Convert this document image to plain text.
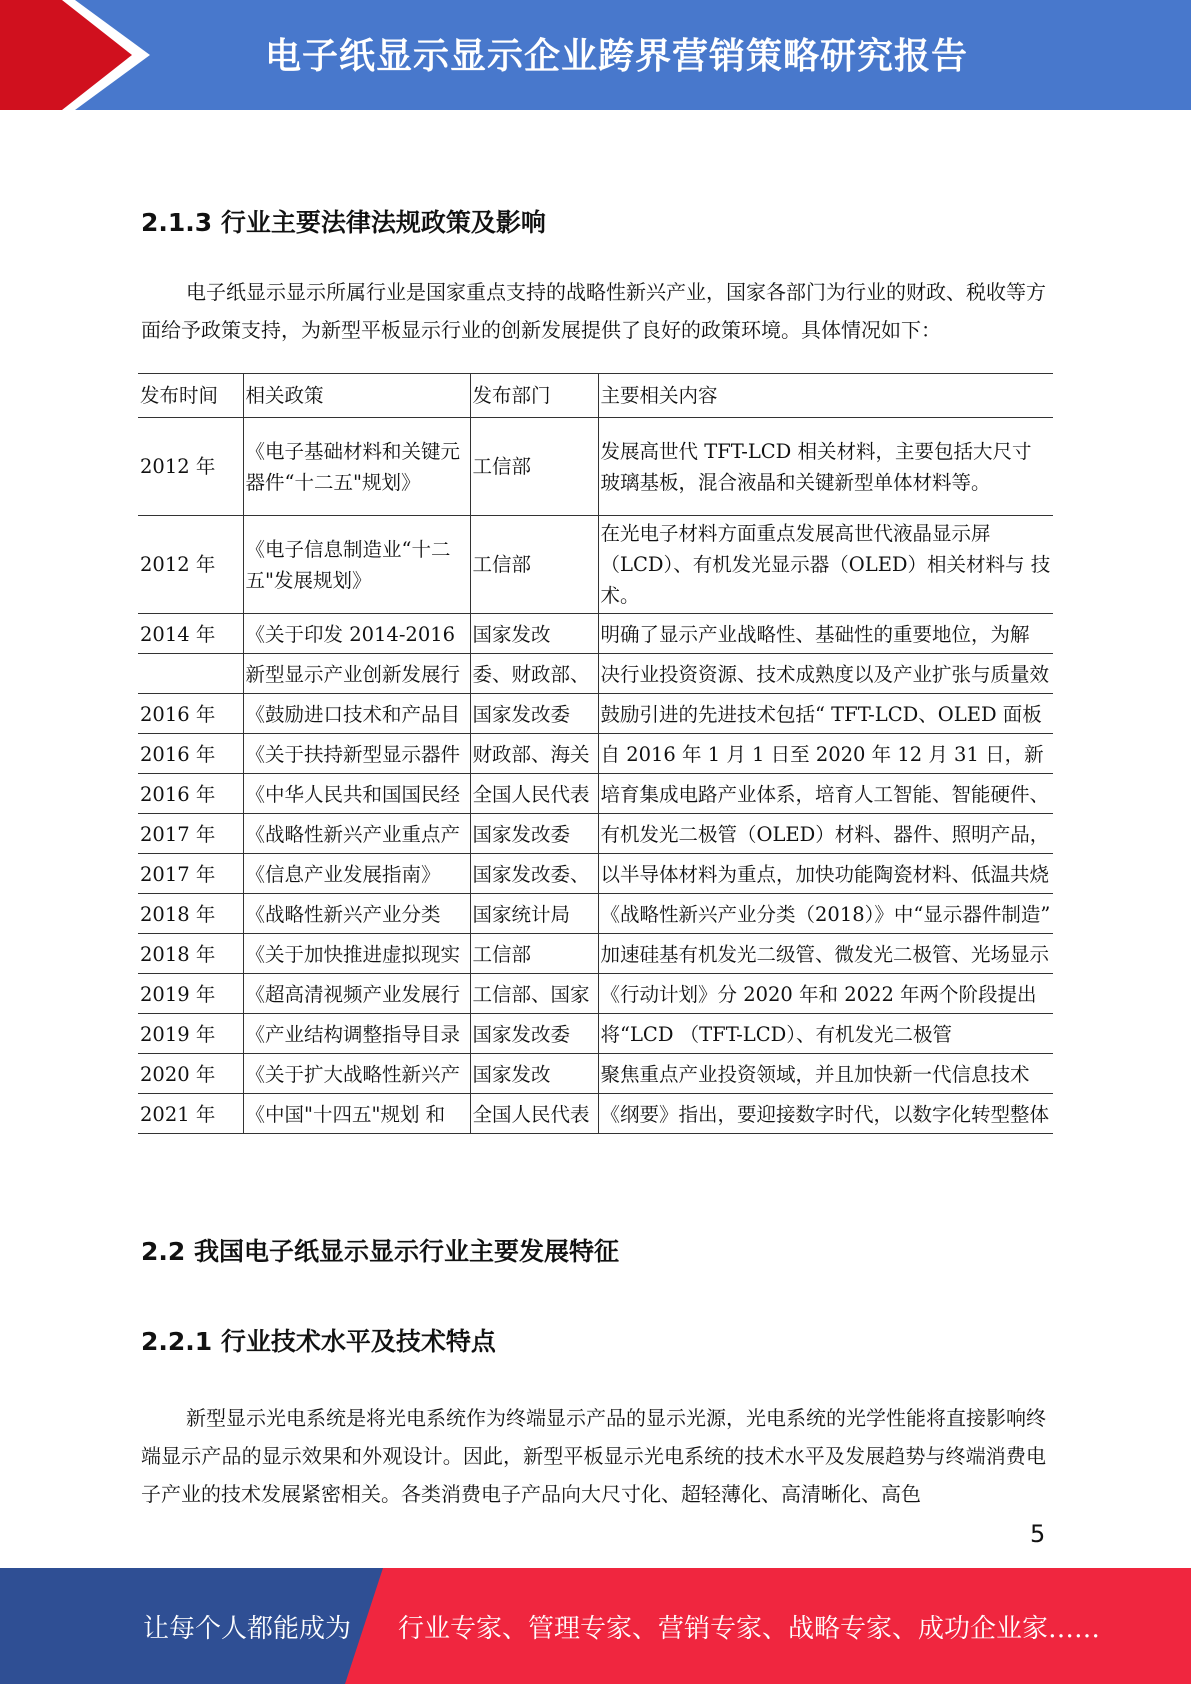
电子纸显示显示企业跨界营销策略研究报告
2.1.3 行业主要法律法规政策及影响

电子纸显示显示所属行业是国家重点支持的战略性新兴产业，国家各部门为行业的财政、税收等方面给予政策支持，为新型平板显示行业的创新发展提供了良好的政策环境。具体情况如下：

发布时间	相关政策	发布部门	主要相关内容
2012 年	《电子基础材料和关键元器件“十二五"规划》	工信部	发展高世代 TFT-LCD 相关材料，主要包括大尺寸玻璃基板，混合液晶和关键新型单体材料等。
2012 年	《电子信息制造业“十二五"发展规划》	工信部	在光电子材料方面重点发展高世代液晶显示屏（LCD）、有机发光显示器（OLED）相关材料与 技术。

2014 年	《关于印发 2014-2016	国家发改	明确了显示产业战略性、基础性的重要地位，为解

	新型显示产业创新发展行	委、财政部、	决行业投资资源、技术成熟度以及产业扩张与质量效

2016 年	《鼓励进口技术和产品目	国家发改委	鼓励引进的先进技术包括“ TFT-LCD、OLED 面板

2016 年	《关于扶持新型显示器件	财政部、海关	自 2016 年 1 月 1 日至 2020 年 12 月 31 日，新

2016 年	《中华人民共和国国民经	全国人民代表	培育集成电路产业体系，培育人工智能、智能硬件、

2017 年	《战略性新兴产业重点产	国家发改委	有机发光二极管（OLED）材料、器件、照明产品，

2017 年	《信息产业发展指南》	国家发改委、	以半导体材料为重点，加快功能陶瓷材料、低温共烧

2018 年	《战略性新兴产业分类	国家统计局	《战略性新兴产业分类（2018）》中“显示器件制造”

2018 年	《关于加快推进虚拟现实	工信部	加速硅基有机发光二级管、微发光二极管、光场显示

2019 年	《超高清视频产业发展行	工信部、国家	《行动计划》分 2020 年和 2022 年两个阶段提出

2019 年	《产业结构调整指导目录	国家发改委	将“LCD （TFT-LCD）、有机发光二极管

2020 年	《关于扩大战略性新兴产	国家发改	聚焦重点产业投资领域，并且加快新一代信息技术

2021 年	《中国"十四五"规划 和	全国人民代表	《纲要》指出，要迎接数字时代，以数字化转型整体
2.2 我国电子纸显示显示行业主要发展特征
2.2.1 行业技术水平及技术特点

新型显示光电系统是将光电系统作为终端显示产品的显示光源，光电系统的光学性能将直接影响终端显示产品的显示效果和外观设计。因此，新型平板显示光电系统的技术水平及发展趋势与终端消费电子产业的技术发展紧密相关。各类消费电子产品向大尺寸化、超轻薄化、高清晰化、高色

5
让每个人都能成为 行业专家、管理专家、营销专家、战略专家、成功企业家……
